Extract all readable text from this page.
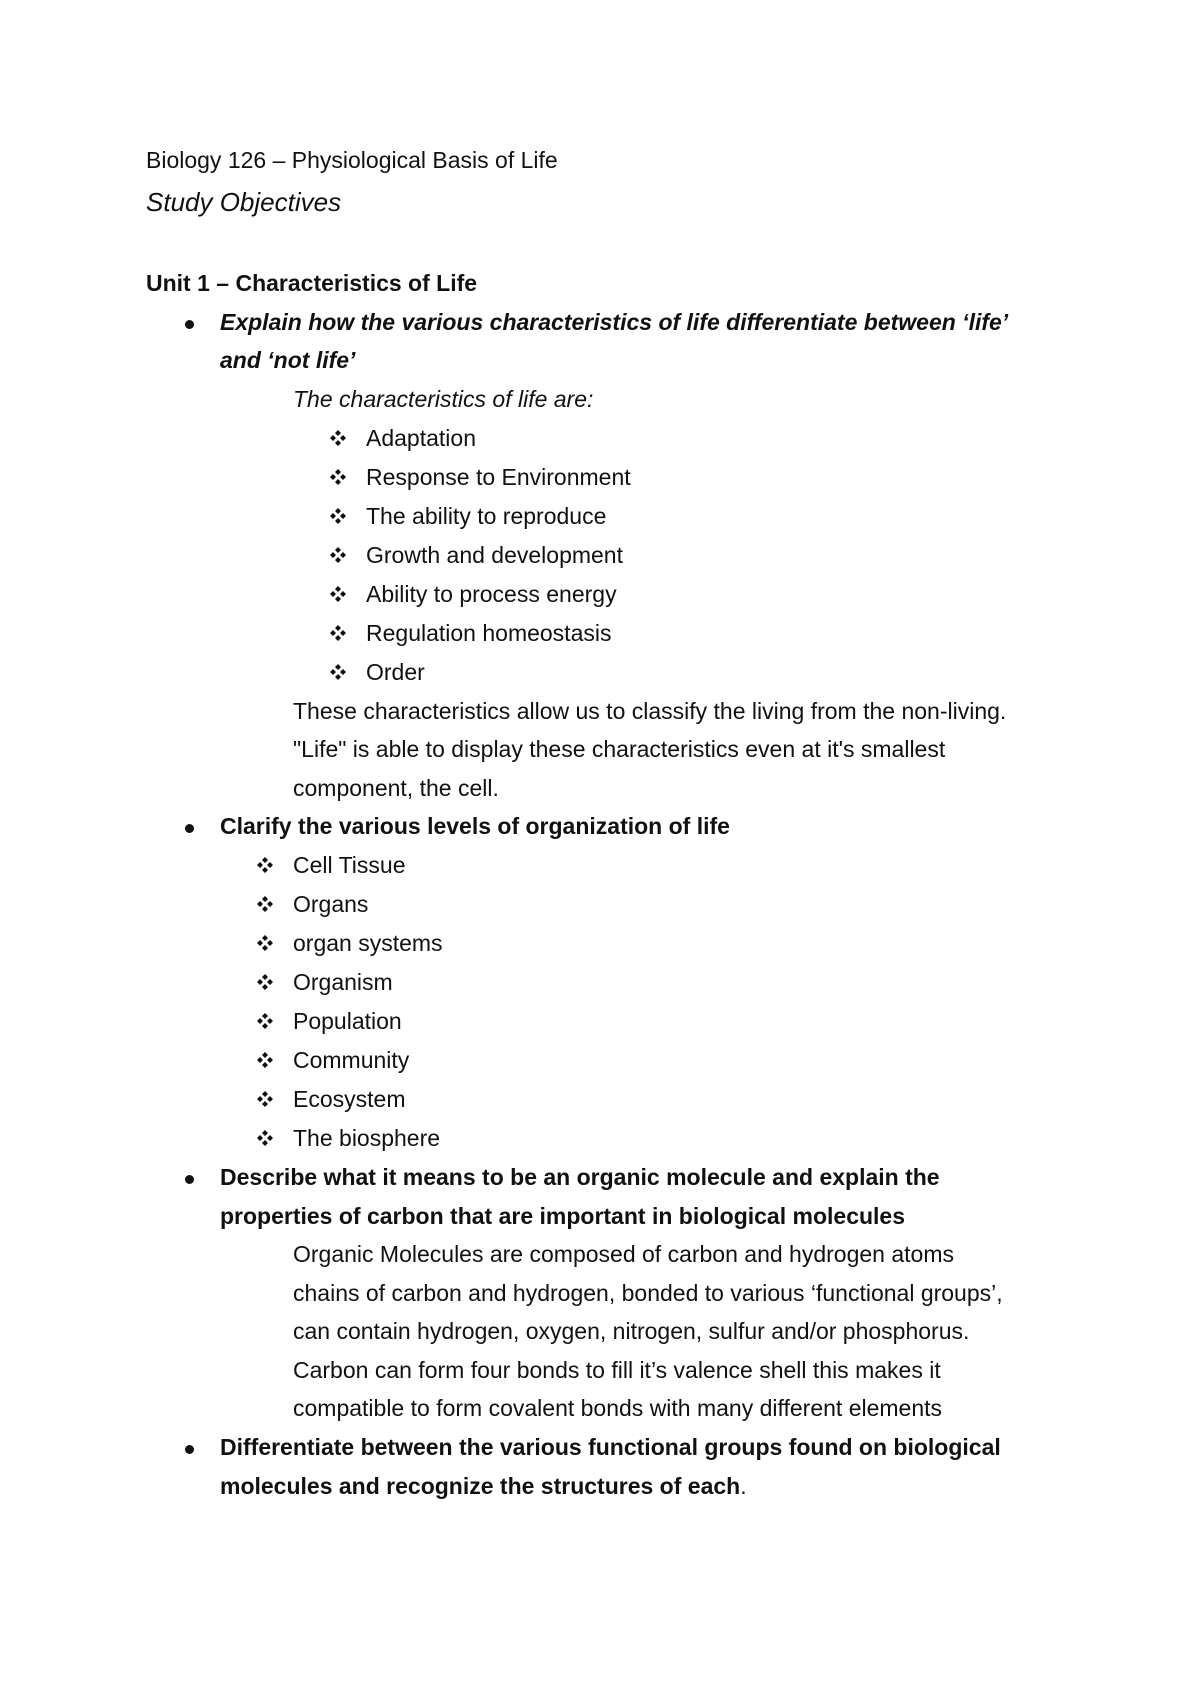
Biology 126 – Physiological Basis of Life
Study Objectives
Unit 1 – Characteristics of Life
Explain how the various characteristics of life differentiate between ‘life’
and ‘not life’
The characteristics of life are:
Adaptation
Response to Environment
The ability to reproduce
Growth and development
Ability to process energy
Regulation homeostasis
Order
These characteristics allow us to classify the living from the non-living.
"Life" is able to display these characteristics even at it's smallest
component, the cell.
Clarify the various levels of organization of life
Cell Tissue
Organs
organ systems
Organism
Population
Community
Ecosystem
The biosphere
Describe what it means to be an organic molecule and explain the
properties of carbon that are important in biological molecules
Organic Molecules are composed of carbon and hydrogen atoms
chains of carbon and hydrogen, bonded to various ‘functional groups’,
can contain hydrogen, oxygen, nitrogen, sulfur and/or phosphorus.
Carbon can form four bonds to fill it’s valence shell this makes it
compatible to form covalent bonds with many different elements
Differentiate between the various functional groups found on biological
molecules and recognize the structures of each.
